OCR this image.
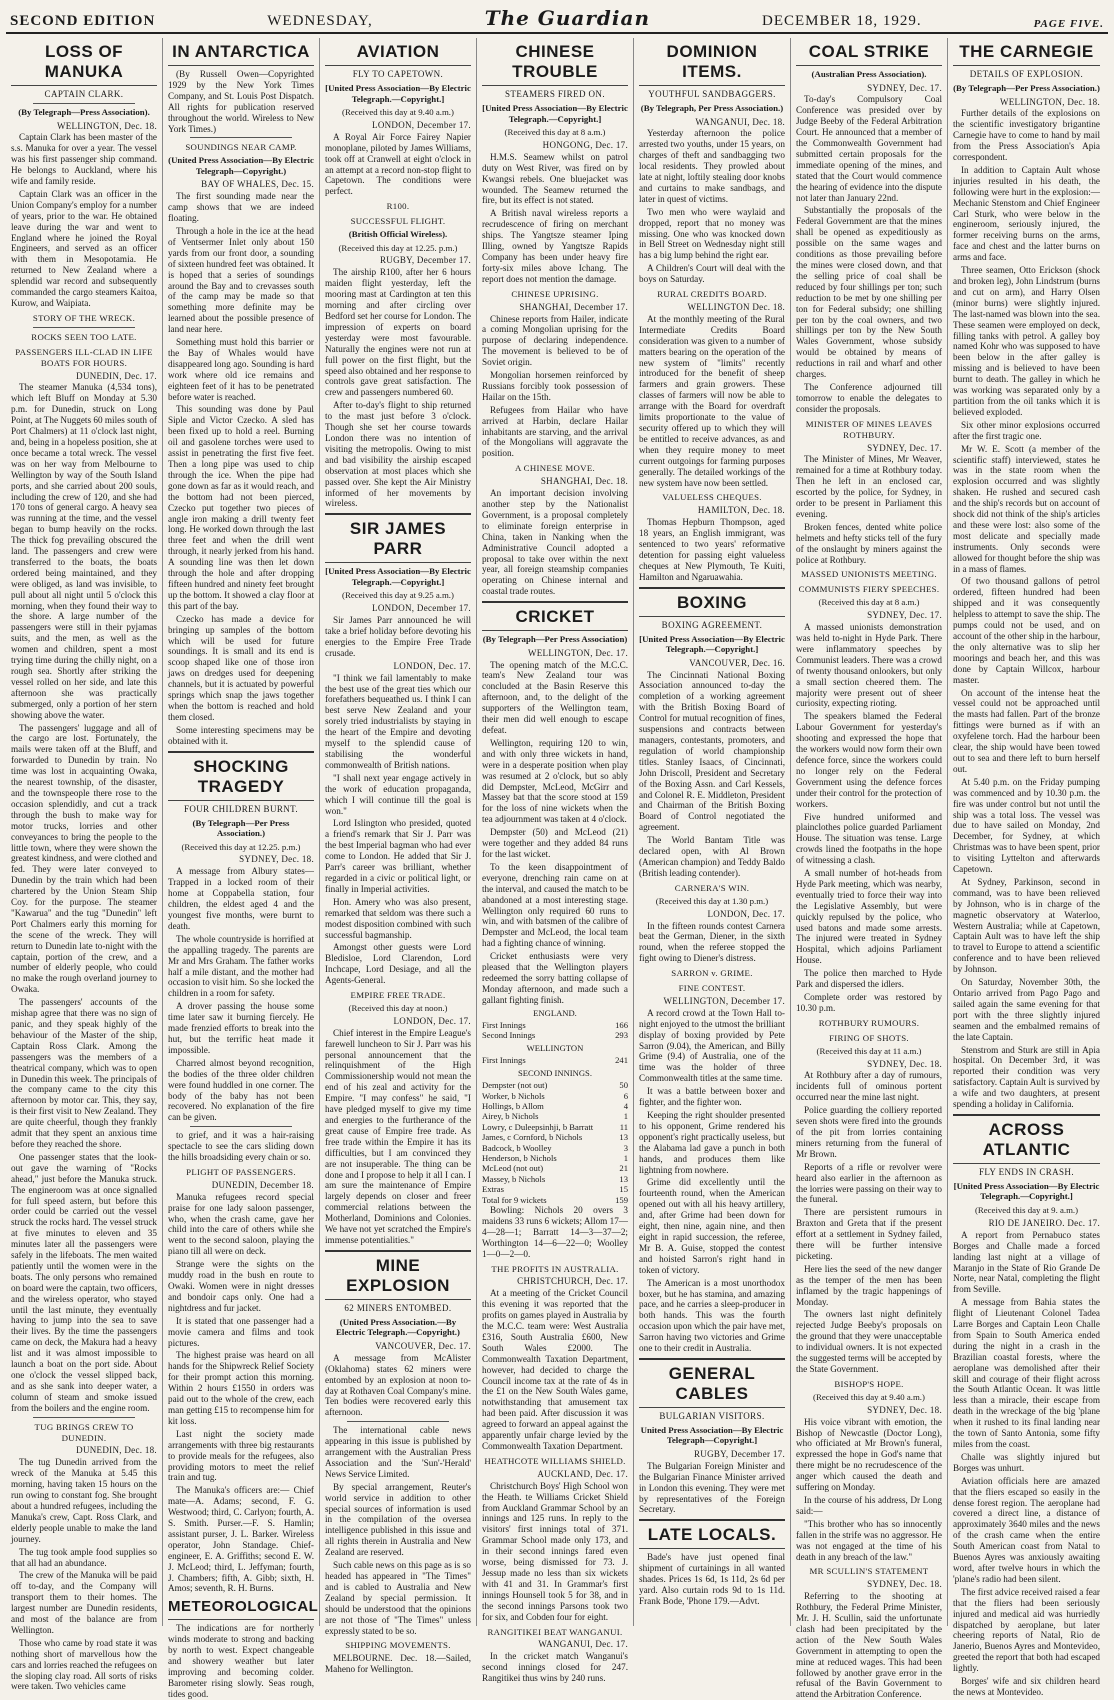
SECOND EDITION	WEDNESDAY,	The Guardian	DECEMBER 18, 1929.	PAGE FIVE.
LOSS OF MANUKA
CAPTAIN CLARK.
(By Telegraph—Press Association).
WELLINGTON, Dec. 18.

Captain Clark has been master of the s.s. Manuka for over a year. The vessel was his first passenger ship command. He belongs to Auckland, where his wife and family reside.

Captain Clark was an officer in the Union Company's employ for a number of years, prior to the war. He obtained leave during the war and went to England where he joined the Royal Engineers, and served as an officer with them in Mesopotamia. He returned to New Zealand where a splendid war record and subsequently commanded the cargo steamers Kaitoa, Kurow, and Waipiata.

STORY OF THE WRECK.
ROCKS SEEN TOO LATE.
PASSENGERS ILL-CLAD IN LIFE BOATS FOR HOURS.
DUNEDIN, Dec. 17.

The steamer Manuka (4,534 tons), which left Bluff on Monday at 5.30 p.m. for Dunedin, struck on Long Point, at The Nuggets 60 miles south of Port Chalmers) at 11 o'clock last night, and, being in a hopeless position, she at once became a total wreck. The vessel was on her way from Melbourne to Wellington by way of the South Island ports, and she carried about 200 souls, including the crew of 120, and she had 170 tons of general cargo. A heavy sea was running at the time, and the vessel began to bump heavily on the rocks. The thick fog prevailing obscured the land. The passengers and crew were transferred to the boats, the boats ordered being maintained, and they were obliged, as land was invisible, to pull about all night until 5 o'clock this morning, when they found their way to the shore. A large number of the passengers were still in their pyjamas suits, and the men, as well as the women and children, spent a most trying time during the chilly night, on a rough sea. Shortly after striking the vessel rolled on her side, and late this afternoon she was practically submerged, only a portion of her stern showing above the water.

The passengers' luggage and all of the cargo are lost. Fortunately, the mails were taken off at the Bluff, and forwarded to Dunedin by train. No time was lost in acquainting Owaka, the nearest township, of the disaster, and the townspeople there rose to the occasion splendidly, and cut a track through the bush to make way for motor trucks, lorries and other conveyances to bring the people to the little town, where they were shown the greatest kindness, and were clothed and fed. They were later conveyed to Dunedin by the train which had been chartered by the Union Steam Ship Coy. for the purpose. The steamer "Kawarua" and the tug "Dunedin" left Port Chalmers early this morning for the scene of the wreck. They will return to Dunedin late to-night with the captain, portion of the crew, and a number of elderly people, who could no make the rough overland journey to Owaka.

The passengers' accounts of the mishap agree that there was no sign of panic, and they speak highly of the behaviour of the Master of the ship, Captain Ross Clark. Among the passengers was the members of a theatrical company, which was to open in Dunedin this week. The principals of the company came to the city this afternoon by motor car. This, they say, is their first visit to New Zealand. They are quite cheerful, though they frankly admit that they spent an anxious time before they reached the shore.

One passenger states that the look-out gave the warning of "Rocks ahead," just before the Manuka struck. The engineroom was at once signalled for full speed astern, but before this order could be carried out the vessel struck the rocks hard. The vessel struck at five minutes to eleven and 35 minutes later all the passengers were safely in the lifeboats. The men waited patiently until the women were in the boats. The only persons who remained on board were the captain, two officers, and the wireless operator, who stayed until the last minute, they eventually having to jump into the sea to save their lives. By the time the passengers came on deck, the Makura had a heavy list and it was almost impossible to launch a boat on the port side. About one o'clock the vessel slipped back, and as she sank into deeper water, a column of steam and smoke issued from the boilers and the engine room.

TUG BRINGS CREW TO DUNEDIN.
DUNEDIN, Dec. 18.

The tug Dunedin arrived from the wreck of the Manuka at 5.45 this morning, having taken 15 hours on the run owing to constant fog. She brought about a hundred refugees, including the Manuka's crew, Capt. Ross Clark, and elderly people unable to make the land journey.

The tug took ample food supplies so that all had an abundance.

The crew of the Manuka will be paid off to-day, and the Company will transport them to their homes. The largest number are Dunedin residents, and most of the balance are from Wellington.

Those who came by road state it was nothing short of marvellous how the cars and lorries reached the refugees on the sloping clay road. All sorts of risks were taken. Two vehicles came

IN ANTARCTICA

(By Russell Owen—Copyrighted 1929 by the New York Times Company, and St. Louis Post Dispatch. All rights for publication reserved throughout the world. Wireless to New York Times.)

SOUNDINGS NEAR CAMP.
(United Press Association—By Electric Telegraph—Copyright.)
BAY OF WHALES, Dec. 15.

The first sounding made near the camp shows that we are indeed floating.

Through a hole in the ice at the head of Ventsermer Inlet only about 150 yards from our front door, a sounding of sixteen hundred feet was obtained. It is hoped that a series of soundings around the Bay and to crevasses south of the camp may be made so that something more definite may be learned about the possible presence of land near here.

Something must hold this barrier or the Bay of Whales would have disappeared long ago. Sounding is hard work where old ice remains and eighteen feet of it has to be penetrated before water is reached.

This sounding was done by Paul Siple and Victor Czecko. A sled has been fixed up to hold a reel. Burning oil and gasolene torches were used to assist in penetrating the first five feet. Then a long pipe was used to chip through the ice. When the pipe had gone down as far as it would reach, and the bottom had not been pierced, Czecko put together two pieces of angle iron making a drill twenty feet long. He worked down through the last three feet and when the drill went through, it nearly jerked from his hand. A sounding line was then let down through the hole and after dropping fifteen hundred and ninety feet brought up the bottom. It showed a clay floor at this part of the bay.

Czecko has made a device for bringing up samples of the bottom which will be used for future soundings. It is small and its end is scoop shaped like one of those iron jaws on dredges used for deepening channels, but it is actuated by powerful springs which snap the jaws together when the bottom is reached and hold them closed.

Some interesting specimens may be obtained with it.

SHOCKING TRAGEDY
FOUR CHILDREN BURNT.
(By Telegraph—Per Press Association.)
(Received this day at 12.25. p.m.)
SYDNEY, Dec. 18.

A message from Albury states—Trapped in a locked room of their home at Coppabella station, four children, the eldest aged 4 and the youngest five months, were burnt to death.

The whole countryside is horrified at the appalling tragedy. The parents are Mr and Mrs Graham. The father works half a mile distant, and the mother had occasion to visit him. So she locked the children in a room for safety.

A drover passing the house some time later saw it burning fiercely. He made frenzied efforts to break into the hut, but the terrific heat made it impossible.

Charred almost beyond recognition, the bodies of the three older children were found huddled in one corner. The body of the baby has not been recovered. No explanation of the fire can be given.

to grief, and it was a hair-raising spectacle to see the cars sliding down the hills broadsiding every chain or so.

PLIGHT OF PASSENGERS.
DUNEDIN, December 18.

Manuka refugees record special praise for one lady saloon passenger, who, when the crash came, gave her child into the care of others while she went to the second saloon, playing the piano till all were on deck.

Strange were the sights on the muddy road in the bush en route to Owaki. Women were in night dresses and bondoir caps only. One had a nightdress and fur jacket.

It is stated that one passenger had a movie camera and films and took pictures.

The highest praise was heard on all hands for the Shipwreck Relief Society for their prompt action this morning. Within 2 hours £1550 in orders was paid out to the whole of the crew, each man getting £15 to recompense him for kit loss.

Last night the society made arrangements with three big restaurants to provide meals for the refugees, also providing motors to meet the relief train and tug.

The Manuka's officers are:— Chief mate—A. Adams; second, F. G. Westwood; third, C. Carlyon; fourth, A. S. Smith. Purser.—F. S. Hamlin; assistant purser, J. L. Barker. Wireless operator, John Standage. Chief-engineer, E. A. Griffiths; second E. W. J. McLeod; third, L. Jeffyman; fourth, J. Chambers; fifth, A. Gibb; sixth, H. Amos; seventh, R. H. Burns.

METEOROLOGICAL

The indications are for northerly winds moderate to strong and backing by north to west. Expect changeable and showery weather but later improving and becoming colder. Barometer rising slowly. Seas rough, tides good.

AVIATION
FLY TO CAPETOWN.
[United Press Association—By Electric Telegraph.—Copyright.]
(Received this day at 9.40 a.m.)
LONDON, December 17.

A Royal Air Force Fairey Napier monoplane, piloted by James Williams, took off at Cranwell at eight o'clock in an attempt at a record non-stop flight to Capetown. The conditions were perfect.

R100.
SUCCESSFUL FLIGHT.
(British Official Wireless).
(Received this day at 12.25. p.m.)
RUGBY, December 17.

The airship R100, after her 6 hours maiden flight yesterday, left the mooring mast at Cardington at ten this morning and after circling over Bedford set her course for London. The impression of experts on board yesterday were most favourable. Naturally the engines were not run at full power on the first flight, but the speed also obtained and her response to controls gave great satisfaction. The crew and passengers numbered 60.

After to-day's flight to ship returned to the mast just before 3 o'clock. Though she set her course towards London there was no intention of visiting the metropolis. Owing to mist and bad visibility the airship escaped observation at most places which she passed over. She kept the Air Ministry informed of her movements by wireless.

SIR JAMES PARR
[United Press Association—By Electric Telegraph.—Copyright.]
(Received this day at 9.25 a.m.)
LONDON, December 17.

Sir James Parr announced he will take a brief holiday before devoting his energies to the Empire Free Trade crusade.

LONDON, Dec. 17.

"I think we fail lamentably to make the best use of the great ties which our forefathers bequeathed us. I think I can best serve New Zealand and your sorely tried industrialists by staying in the heart of the Empire and devoting myself to the splendid cause of stabilising the wonderful commonwealth of British nations.

"I shall next year engage actively in the work of education propaganda, which I will continue till the goal is won."

Lord Islington who presided, quoted a friend's remark that Sir J. Parr was the best Imperial bagman who had ever come to London. He added that Sir J. Parr's career was brilliant, whether regarded in a civic or political light, or finally in Imperial activities.

Hon. Amery who was also present, remarked that seldom was there such a modest disposition combined with such successful bagmanship.

Amongst other guests were Lord Bledisloe, Lord Clarendon, Lord Inchcape, Lord Desiage, and all the Agents-General.

EMPIRE FREE TRADE.
(Received this day at noon.)
LONDON, Dec. 17.

Chief interest in the Empire League's farewell luncheon to Sir J. Parr was his personal announcement that the relinquishment of the High Commissionership would not mean the end of his zeal and activity for the Empire. "I may confess" he said, "I have pledged myself to give my time and energies to the furtherance of the great cause of Empire free trade. As free trade within the Empire it has its difficulties, but I am convinced they are not insuperable. The thing can be done and I propose to help it all I can. I am sure the maintenance of Empire largely depends on closer and freer commercial relations between the Motherland, Dominions and Colonies. We have not yet scratched the Empire's immense potentialities."

MINE EXPLOSION
62 MINERS ENTOMBED.
(United Press Association.—By Electric Telegraph.—Copyright.)
VANCOUVER, Dec. 17.

A message from McAlister (Oklahoma) states 62 miners were entombed by an explosion at noon to-day at Rothaven Coal Company's mine. Ten bodies were recovered early this afternoon.

The international cable news appearing in this issue is published by arrangement with the Australian Press Association and the 'Sun'-'Herald' News Service Limited.

By special arrangement, Reuter's world service in addition to other special sources of information is used in the compilation of the oversea intelligence published in this issue and all rights therein in Australia and New Zealand are reserved.

Such cable news on this page as is so headed has appeared in "The Times" and is cabled to Australia and New Zealand by special permission. It should be understood that the opinions are not those of "The Times" unless expressly stated to be so.

SHIPPING MOVEMENTS.

MELBOURNE. Dec. 18.—Sailed, Maheno for Wellington.

CHINESE TROUBLE
STEAMERS FIRED ON.
[United Press Association—By Electric Telegraph.—Copyright.]
(Received this day at 8 a.m.)
HONGONG, Dec. 17.

H.M.S. Seamew whilst on patrol duty on West River, was fired on by Kwangsi rebels. One bluejacket was wounded. The Seamew returned the fire, but its effect is not stated.

A British naval wireless reports a recrudescence of firing on merchant ships. The Yangtsze steamer Iping Illing, owned by Yangtsze Rapids Company has been under heavy fire forty-six miles above Ichang. The report does not mention the damage.

CHINESE UPRISING.
SHANGHAI, December 17.

Chinese reports from Hailer, indicate a coming Mongolian uprising for the purpose of declaring independence. The movement is believed to be of Soviet origin.

Mongolian horsemen reinforced by Russians forcibly took possession of Hailar on the 15th.

Refugees from Hailar who have arrived at Harbin, declare Hailar inhabitants are starving, and the arrival of the Mongolians will aggravate the position.

A CHINESE MOVE.
SHANGHAI, Dec. 18.

An important decision involving another step by the Nationalist Government, is a proposal completely to eliminate foreign enterprise in China, taken in Nanking when the Administrative Council adopted a proposal to take over within the next year, all foreign steamship companies operating on Chinese internal and coastal trade routes.

CRICKET
(By Telegraph—Per Press Association)
WELLINGTON, Dec. 17.

The opening match of the M.C.C. team's New Zealand tour was concluded at the Basin Reserve this afternoon, and, to the delight of the supporters of the Wellington team, their men did well enough to escape defeat.

Wellington, requiring 120 to win, and with only three wickets in hand, were in a desperate position when play was resumed at 2 o'clock, but so ably did Dempster, McLeod, McGirr and Massey bat that the score stood at 159 for the loss of nine wickets when the tea adjournment was taken at 4 o'clock.

Dempster (50) and McLeod (21) were together and they added 84 runs for the last wicket.

To the keen disappointment of everyone, drenching rain came on at the interval, and caused the match to be abandoned at a most interesting stage. Wellington only required 60 runs to win, and with batsmen of the calibre of Dempster and McLeod, the local team had a fighting chance of winning.

Cricket enthusiasts were very pleased that the Wellington players redeemed the sorry batting collapse of Monday afternoon, and made such a gallant fighting finish.

ENGLAND.
First Innings	166
Second Innings	293
WELLINGTON
First Innings	241
SECOND INNINGS.
Dempster (not out)	50
Worker, b Nichols	6
Hollings, b Allom	4
Airey, b Nichols	1
Lowry, c Duleepsinhji, b Barratt	11
James, c Cornford, b Nichols	13
Badcock, b Woolley	3
Henderson, b Nichols	1
McLeod (not out)	21
Massey, b Nichols	13
Extras	15
Total for 9 wickets	159

Bowling: Nichols 20 overs 3 maidens 33 runs 6 wickets; Allom 17—4—28—1; Barratt 14—3—37—2; Worthington 14—6—22—0; Woolley 1—0—2—0.

THE PROFITS IN AUSTRALIA.
CHRISTCHURCH, Dec. 17.

At a meeting of the Cricket Council this evening it was reported that the profits on games played in Australia by the M.C.C. team were: West Australia £316, South Australia £600, New South Wales £2000. The Commonwealth Taxation Department, however, had decided to charge the Council income tax at the rate of 4s in the £1 on the New South Wales game, notwithstanding that amusement tax had been paid. After discussion it was agreed to forward an appeal against the apparently unfair charge levied by the Commonwealth Taxation Department.

HEATHCOTE WILLIAMS SHIELD.
AUCKLAND, Dec. 17.

Christchurch Boys' High School won the Heath. te Williams Cricket Shield from Auckland Grammar School by an innings and 125 runs. In reply to the visitors' first innings total of 371. Grammar School made only 173, and in their second innings fared even worse, being dismissed for 73. J. Jessup made no less than six wickets with 41 and 31. In Grammar's first innings Hounsell took 5 for 38, and in the second innings Parsons took two for six, and Cobden four for eight.

RANGITIKEI BEAT WANGANUI.
WANGANUI, Dec. 17.

In the cricket match Wanganui's second innings closed for 247. Rangitikei thus wins by 240 runs.

DOMINION ITEMS.
YOUTHFUL SANDBAGGERS.
(By Telegraph, Per Press Association.)
WANGANUI, Dec. 18.

Yesterday afternoon the police arrested two youths, under 15 years, on charges of theft and sandbagging two local residents. They prowled about late at night, loftily stealing door knobs and curtains to make sandbags, and later in quest of victims.

Two men who were waylaid and dropped, report that no money was missing. One who was knocked down in Bell Street on Wednesday night still has a big lump behind the right ear.

A Children's Court will deal with the boys on Saturday.

RURAL CREDITS BOARD.
WELLINGTON Dec. 18.

At the monthly meeting of the Rural Intermediate Credits Board consideration was given to a number of matters bearing on the operation of the new system of "limits" recently introduced for the benefit of sheep farmers and grain growers. These classes of farmers will now be able to arrange with the Board for overdraft limits proportionate to the value of security offered up to which they will be entitled to receive advances, as and when they require money to meet current outgoings for farming purposes generally. The detailed workings of the new system have now been settled.

VALUELESS CHEQUES.
HAMILTON, Dec. 18.

Thomas Hepburn Thompson, aged 18 years, an English immigrant, was sentenced to two years' reformative detention for passing eight valueless cheques at New Plymouth, Te Kuiti, Hamilton and Ngaruawahia.

BOXING
BOXING AGREEMENT.
[United Press Association—By Electric Telegraph.—Copyright.]
VANCOUVER, Dec. 16.

The Cincinnati National Boxing Association announced to-day the completion of a working agreement with the British Boxing Board of Control for mutual recognition of fines, suspensions and contracts between managers, contestants, promoters, and regulation of world championship titles. Stanley Isaacs, of Cincinnati, John Driscoll, President and Secretary of the Boxing Assn. and Carl Kessels, and Colonel R. E. Middleton, President and Chairman of the British Boxing Board of Control negotiated the agreement.

The World Bantam Title was declared open, with Al Brown (American champion) and Teddy Baldo (British leading contender).

CARNERA'S WIN.
(Received this day at 1.30 p.m.)
LONDON, Dec. 17.

In the fifteen rounds contest Carnera beat the German, Diener, in the sixth round, when the referee stopped the fight owing to Diener's distress.

SARRON v. GRIME.
FINE CONTEST.
WELLINGTON, December 17.

A record crowd at the Town Hall to-night enjoyed to the utmost the brilliant display of boxing provided by Pete Sarron (9.04), the American, and Billy Grime (9.4) of Australia, one of the time was the holder of three Commonwealth titles at the same time.

It was a battle between boxer and fighter, and the fighter won.

Keeping the right shoulder presented to his opponent, Grime rendered his opponent's right practically useless, but the Alabama lad gave a punch in both hands, and produces them like lightning from nowhere.

Grime did excellently until the fourteenth round, when the American opened out with all his heavy artillery, and, after Grime had been down for eight, then nine, again nine, and then eight in rapid succession, the referee, Mr B. A. Guise, stopped the contest and hoisted Sarron's right hand in token of victory.

The American is a most unorthodox boxer, but he has stamina, and amazing pace, and he carries a sleep-producer in both hands. This was the fourth occasion upon which the pair have met, Sarron having two victories and Grime one to their credit in Australia.

GENERAL CABLES
BULGARIAN VISITORS.
United Press Association—By Electric Telegraph—Copyright.]
RUGBY, December 17.

The Bulgarian Foreign Minister and the Bulgarian Finance Minister arrived in London this evening. They were met by representatives of the Foreign Secretary.

LATE LOCALS.

Bade's have just opened final shipment of curtainings in all wanted shades. Prices 1s 6d, 1s 11d, 2s 6d per yard. Also curtain rods 9d to 1s 11d. Frank Bode, 'Phone 179.—Advt.

COAL STRIKE
(Australian Press Association).
SYDNEY, Dec. 17.

To-day's Compulsory Coal Conference was presided over by Judge Beeby of the Federal Arbitration Court. He announced that a member of the Commonwealth Government had submitted certain proposals for the immediate opening of the mines, and stated that the Court would commence the hearing of evidence into the dispute not later than January 22nd.

Substantially the proposals of the Federal Government are that the mines shall be opened as expeditiously as possible on the same wages and conditions as those prevailing before the mines were closed down, and that the selling price of coal shall be reduced by four shillings per ton; such reduction to be met by one shilling per ton for Federal subsidy; one shilling per ton by the coal owners, and two shillings per ton by the New South Wales Government, whose subsidy would be obtained by means of reductions in rail and wharf and other charges.

The Conference adjourned till tomorrow to enable the delegates to consider the proposals.

MINISTER OF MINES LEAVES ROTHBURY.
SYDNEY, Dec. 17.

The Minister of Mines, Mr Weaver, remained for a time at Rothbury today. Then he left in an enclosed car, escorted by the police, for Sydney, in order to be present in Parliament this evening.

Broken fences, dented white police helmets and hefty sticks tell of the fury of the onslaught by miners against the police at Rothbury.

MASSED UNIONISTS MEETING.
COMMUNISTS FIERY SPEECHES.
(Received this day at 8 a.m.)
SYDNEY, Dec. 17.

A massed unionists demonstration was held to-night in Hyde Park. There were inflammatory speeches by Communist leaders. There was a crowd of twenty thousand onlookers, but only a small section cheered them. The majority were present out of sheer curiosity, expecting rioting.

The speakers blamed the Federal Labour Government for yesterday's shooting and expressed the hope that the workers would now form their own defence force, since the workers could no longer rely on the Federal Government using the defence forces under their control for the protection of workers.

Five hundred uniformed and plainclothes police guarded Parliament House. The situation was tense. Large crowds lined the footpaths in the hope of witnessing a clash.

A small number of hot-heads from Hyde Park meeting, which was nearby, eventually tried to force their way into the Legislative Assembly, but were quickly repulsed by the police, who used batons and made some arrests. The injured were treated in Sydney Hospital, which adjoins Parliament House.

The police then marched to Hyde Park and dispersed the idlers.

Complete order was restored by 10.30 p.m.

ROTHBURY RUMOURS.
FIRING OF SHOTS.
(Received this day at 11 a.m.)
SYDNEY, Dec. 18.

At Rothbury after a day of rumours, incidents full of ominous portent occurred near the mine last night.

Police guarding the colliery reported seven shots were fired into the grounds of the pit from lorries containing miners returning from the funeral of Mr Brown.

Reports of a rifle or revolver were heard also earlier in the afternoon as the lorries were passing on their way to the funeral.

There are persistent rumours in Braxton and Greta that if the present effort at a settlement in Sydney failed, there will be further intensive picketing.

Here lies the seed of the new danger as the temper of the men has been inflamed by the tragic happenings of Monday.

The owners last night definitely rejected Judge Beeby's proposals on the ground that they were unacceptable to individual owners. It is not expected the suggested terms will be accepted by the State Government.

BISHOP'S HOPE.
(Received this day at 9.40 a.m.)
SYDNEY, Dec. 18.

His voice vibrant with emotion, the Bishop of Newcastle (Doctor Long), who officiated at Mr Brown's funeral, expressed the hope in God's name that there might be no recrudescence of the anger which caused the death and suffering on Monday.

In the course of his address, Dr Long said:—

"This brother who has so innocently fallen in the strife was no aggressor. He was not engaged at the time of his death in any breach of the law."

MR SCULLIN'S STATEMENT
SYDNEY, Dec. 18.

Referring to the shooting at Rothbury, the Federal Prime Minister, Mr. J. H. Scullin, said the unfortunate clash had been precipitated by the action of the New South Wales Government in attempting to open the mine at reduced wages. This had been followed by another grave error in the refusal of the Bavin Government to attend the Arbitration Conference.

THE CARNEGIE
DETAILS OF EXPLOSION.
(By Telegraph—Per Press Association.)
WELLINGTON, Dec. 18.

Further details of the explosions on the scientific investigatory brigantine Carnegie have to come to hand by mail from the Press Association's Apia correspondent.

In addition to Captain Ault whose injuries resulted in his death, the following were hurt in the explosion:—Mechanic Stenstom and Chief Engineer Carl Sturk, who were below in the engineroom, seriously injured, the former receiving burns on the arms, face and chest and the latter burns on arms and face.

Three seamen, Otto Erickson (shock and broken leg), John Lindstrum (burns and cut on arm), and Harry Olsen (minor burns) were slightly injured. The last-named was blown into the sea. These seamen were employed on deck, filling tanks with petrol. A galley boy named Kohr who was supposed to have been below in the after galley is missing and is believed to have been burnt to death. The galley in which he was working was separated only by a partition from the oil tanks which it is believed exploded.

Six other minor explosions occurred after the first tragic one.

Mr W. E. Scott (a member of the scientific staff) interviewed, states he was in the state room when the explosion occurred and was slightly shaken. He rushed and secured cash and the ship's records but on account of shock did not think of the ship's articles and these were lost: also some of the most delicate and specially made instruments. Only seconds were allowed for thought before the ship was in a mass of flames.

Of two thousand gallons of petrol ordered, fifteen hundred had been shipped and it was consequently helpless to attempt to save the ship. The pumps could not be used, and on account of the other ship in the harbour, the only alternative was to slip her moorings and beach her, and this was done by Captain Willcox, harbour master.

On account of the intense heat the vessel could not be approached until the masts had fallen. Part of the bronze fittings were burned as if with an oxyfelene torch. Had the harbour been clear, the ship would have been towed out to sea and there left to burn herself out.

At 5.40 p.m. on the Friday pumping was commenced and by 10.30 p.m. the fire was under control but not until the ship was a total loss. The vessel was due to have sailed on Monday, 2nd December, for Sydney, at which Christmas was to have been spent, prior to visiting Lyttelton and afterwards Capetown.

At Sydney, Parkinson, second in command, was to have been relieved by Johnson, who is in charge of the magnetic observatory at Waterloo, Western Australia; while at Capetown, Captain Ault was to have left the ship to travel to Europe to attend a scientific conference and to have been relieved by Johnson.

On Saturday, November 30th, the Ontario arrived from Pago Pago and sailed again the same evening for that port with the three slightly injured seamen and the embalmed remains of the late Captain.

Stenstrom and Sturk are still in Apia hospital. On December 3rd, it was reported their condition was very satisfactory. Captain Ault is survived by a wife and two daughters, at present spending a holiday in California.

ACROSS ATLANTIC
FLY ENDS IN CRASH.
[United Press Association—By Electric Telegraph.—Copyright.]
(Received this day at 9. a.m.)
RIO DE JANEIRO. Dec. 17.

A report from Pernabuco states Borges and Challe made a forced landing last night at a village of Maranjo in the State of Rio Grande De Norte, near Natal, completing the flight from Seville.

A message from Bahia states the flight of Lieutenant Colonel Tadea Larre Borges and Captain Leon Challe from Spain to South America ended during the night in a crash in the Brazilian coastal forests, where the aeroplane was demolished after their skill and courage of their flight across the South Atlantic Ocean. It was little less than a miracle, their escape from death in the wreckage of the big 'plane when it rushed to its final landing near the town of Santo Antonia, some fifty miles from the coast.

Challe was slightly injured but Borges was unhurt.

Aviation officials here are amazed that the fliers escaped so easily in the dense forest region. The aeroplane had covered a direct line, a distance of approximately 3640 miles and the news of the crash came when the entire South American coast from Natal to Buenos Ayres was anxiously awaiting word, after twelve hours in which the 'plane's radio had been silent.

The first advice received raised a fear that the fliers had been seriously injured and medical aid was hurriedly dispatched by aeroplane, but later cheering reports of Natal, Rio de Janerio, Buenos Ayres and Montevideo, greeted the report that both had escaped lightly.

Borges' wife and six children heard the news at Montevideo.
